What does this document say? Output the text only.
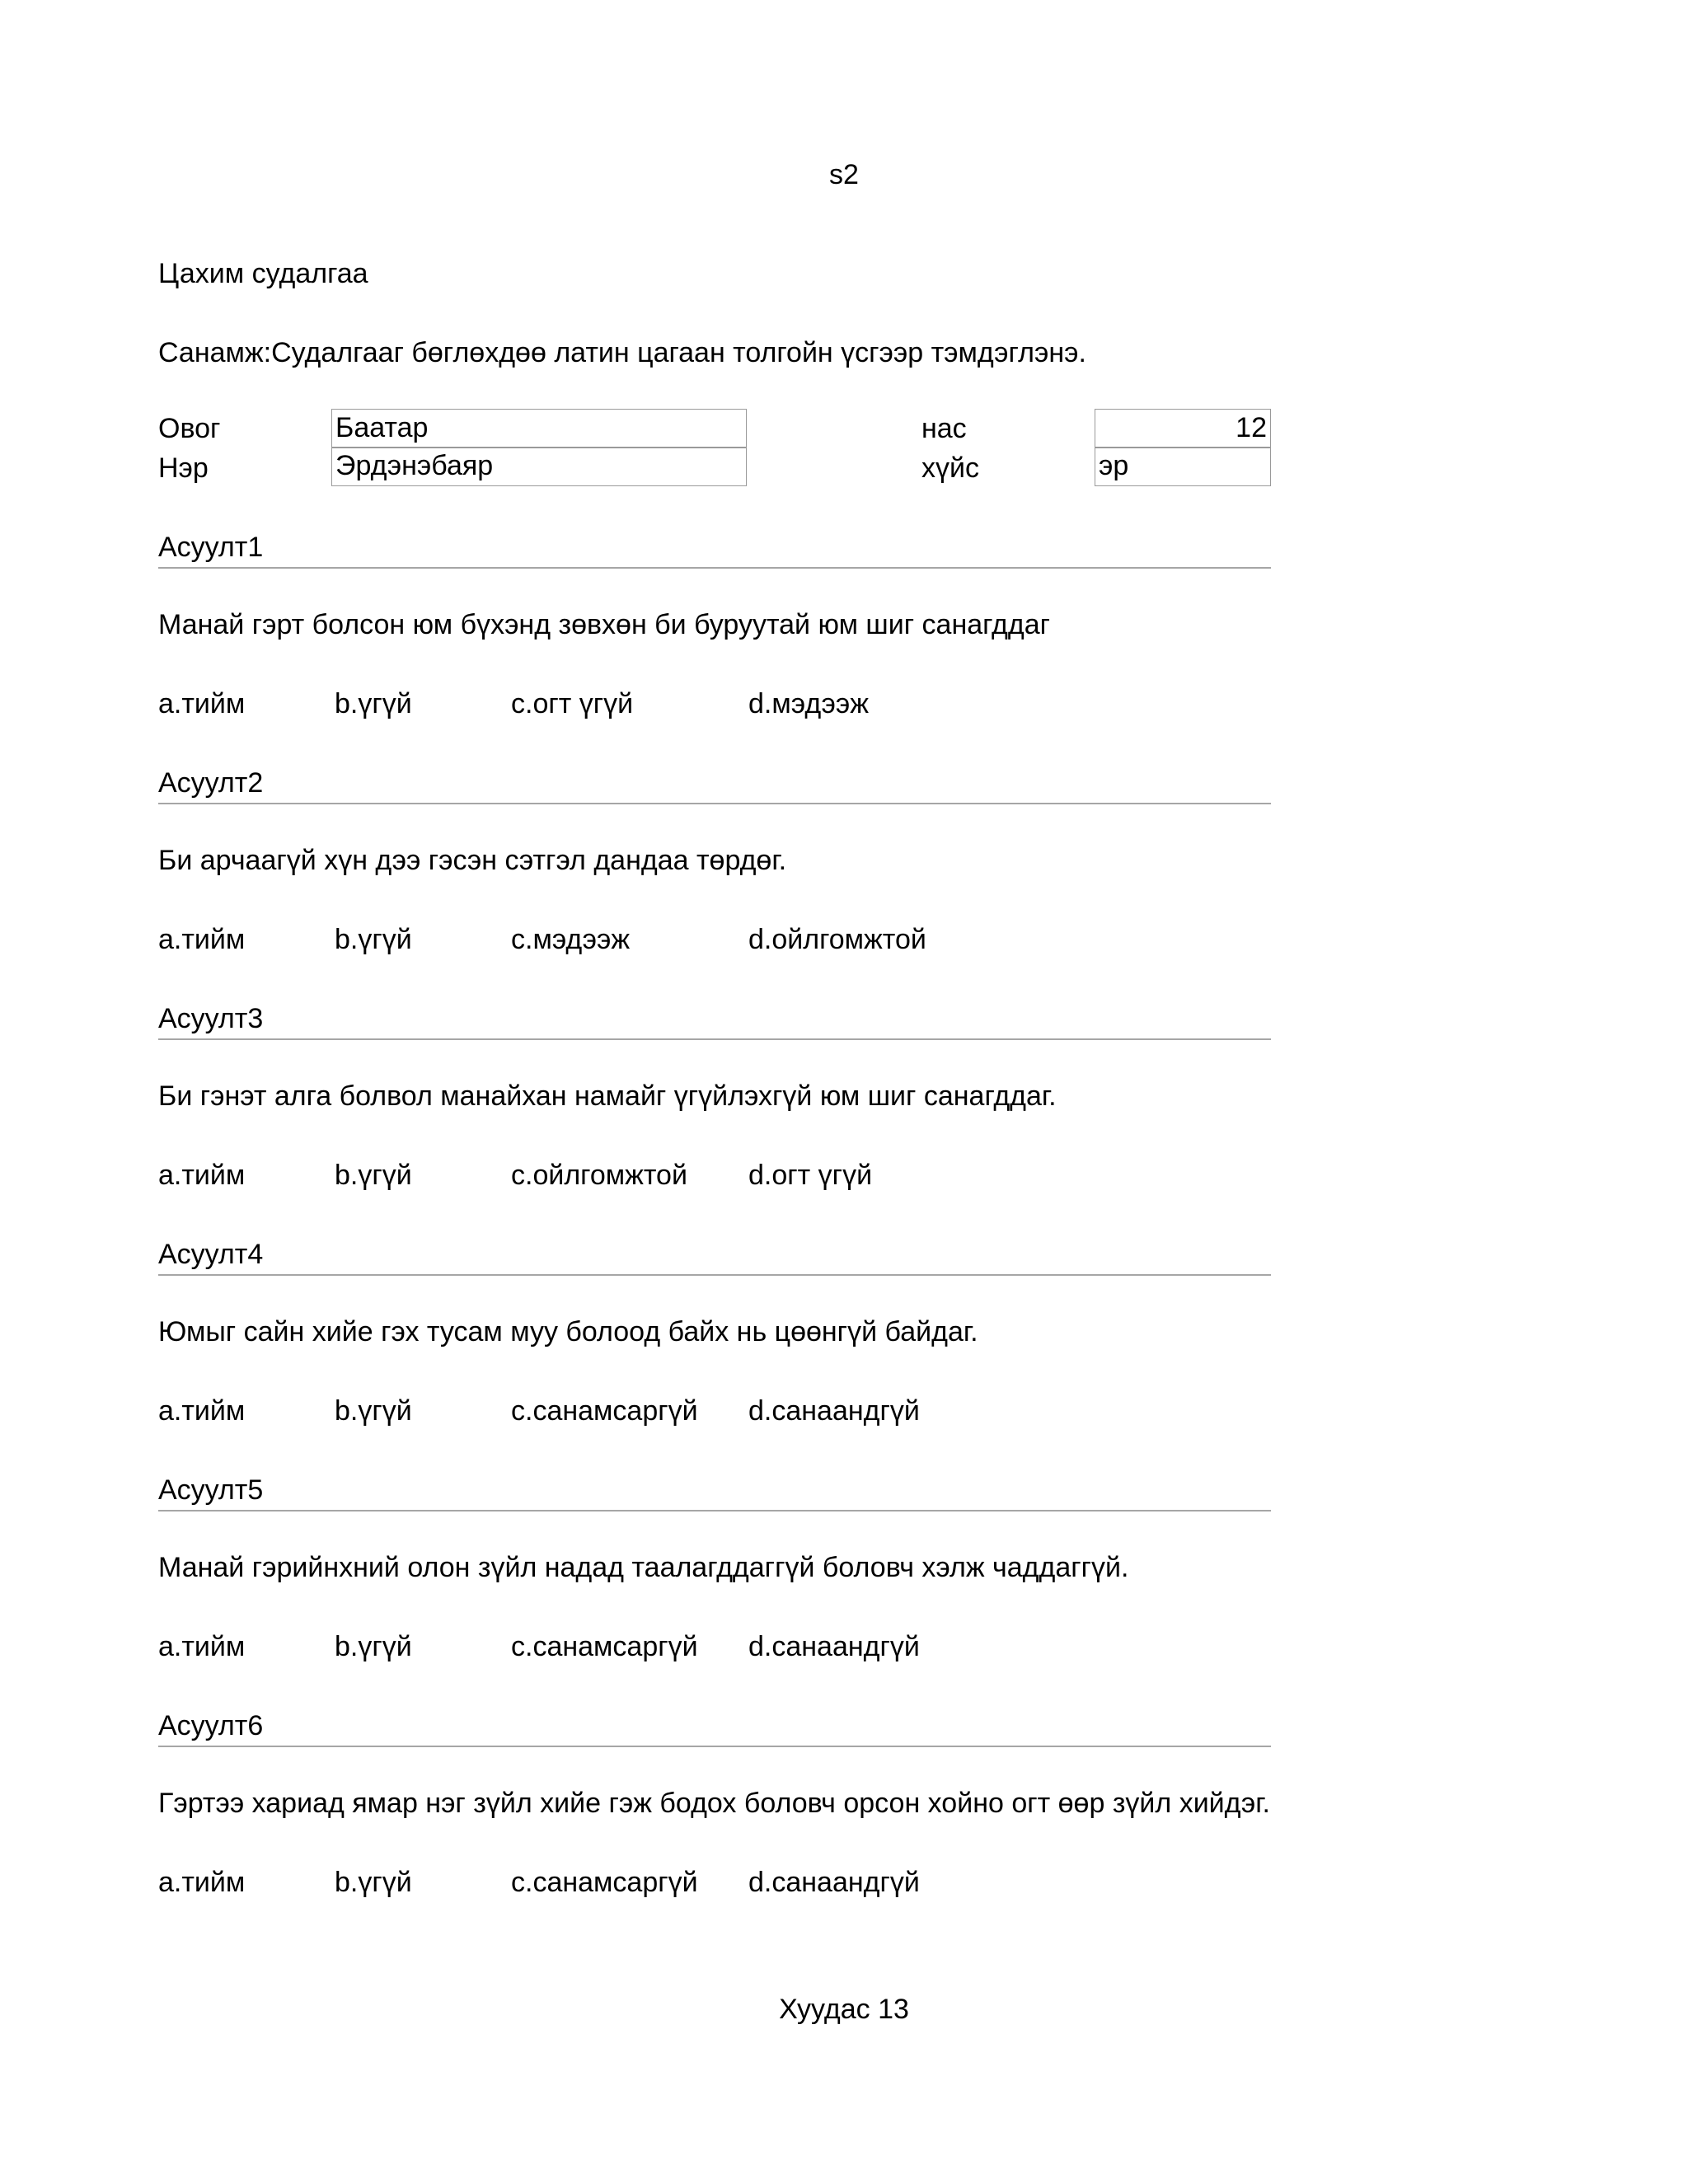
s2
Цахим судалгаа
Санамж:Судалгааг бөглөхдөө латин цагаан толгойн үсгээр тэмдэглэнэ.
Овог	Баатар
Нэр	Эрдэнэбаяр
нас	12
хүйс	эр
Асуулт1
Манай гэрт болсон юм бүхэнд зөвхөн би буруутай юм шиг санагддаг
a.тийм	b.үгүй	c.огт үгүй	d.мэдээж
Асуулт2
Би арчаагүй хүн дээ гэсэн сэтгэл дандаа төрдөг.
a.тийм	b.үгүй	c.мэдээж	d.ойлгомжтой
Асуулт3
Би гэнэт алга болвол манайхан намайг үгүйлэхгүй юм шиг санагддаг.
a.тийм	b.үгүй	c.ойлгомжтой d.огт үгүй
Асуулт4
Юмыг сайн хийе гэх тусам муу болоод байх нь цөөнгүй байдаг.
a.тийм	b.үгүй	c.санамсаргүй d.санаандгүй
Асуулт5
Манай гэрийнхний олон зүйл надад таалагддаггүй боловч хэлж чаддаггүй.
a.тийм	b.үгүй	c.санамсаргүй d.санаандгүй
Асуулт6
Гэртээ хариад ямар нэг зүйл хийе гэж бодох боловч орсон хойно огт өөр зүйл хийдэг.
a.тийм	b.үгүй	c.санамсаргүй d.санаандгүй
Хуудас 13
